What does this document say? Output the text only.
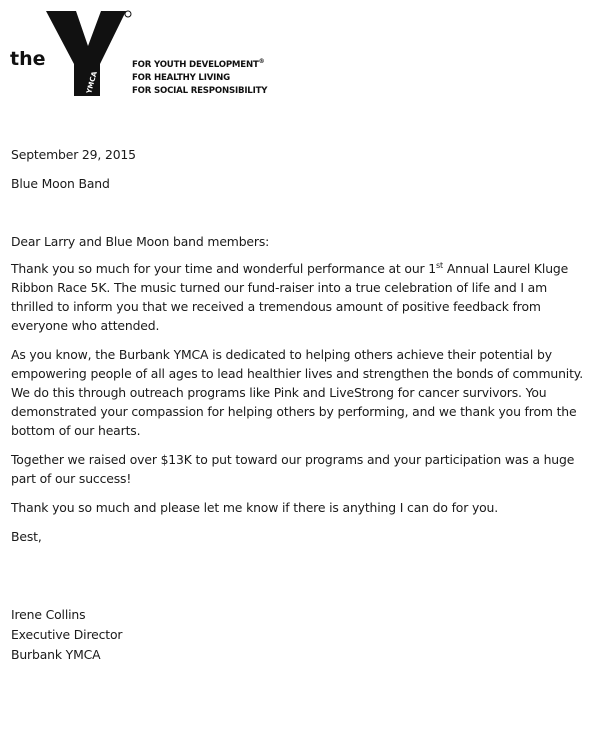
the
YMCA
FOR YOUTH DEVELOPMENT®
FOR HEALTHY LIVING
FOR SOCIAL RESPONSIBILITY

September 29, 2015

Blue Moon Band

Dear Larry and Blue Moon band members:

Thank you so much for your time and wonderful performance at our 1st Annual Laurel Kluge Ribbon Race 5K. The music turned our fund-raiser into a true celebration of life and I am thrilled to inform you that we received a tremendous amount of positive feedback from everyone who attended.

As you know, the Burbank YMCA is dedicated to helping others achieve their potential by empowering people of all ages to lead healthier lives and strengthen the bonds of community. We do this through outreach programs like Pink and LiveStrong for cancer survivors. You demonstrated your compassion for helping others by performing, and we thank you from the bottom of our hearts.

Together we raised over $13K to put toward our programs and your participation was a huge part of our success!

Thank you so much and please let me know if there is anything I can do for you.

Best,

Irene Collins

Executive Director

Burbank YMCA
